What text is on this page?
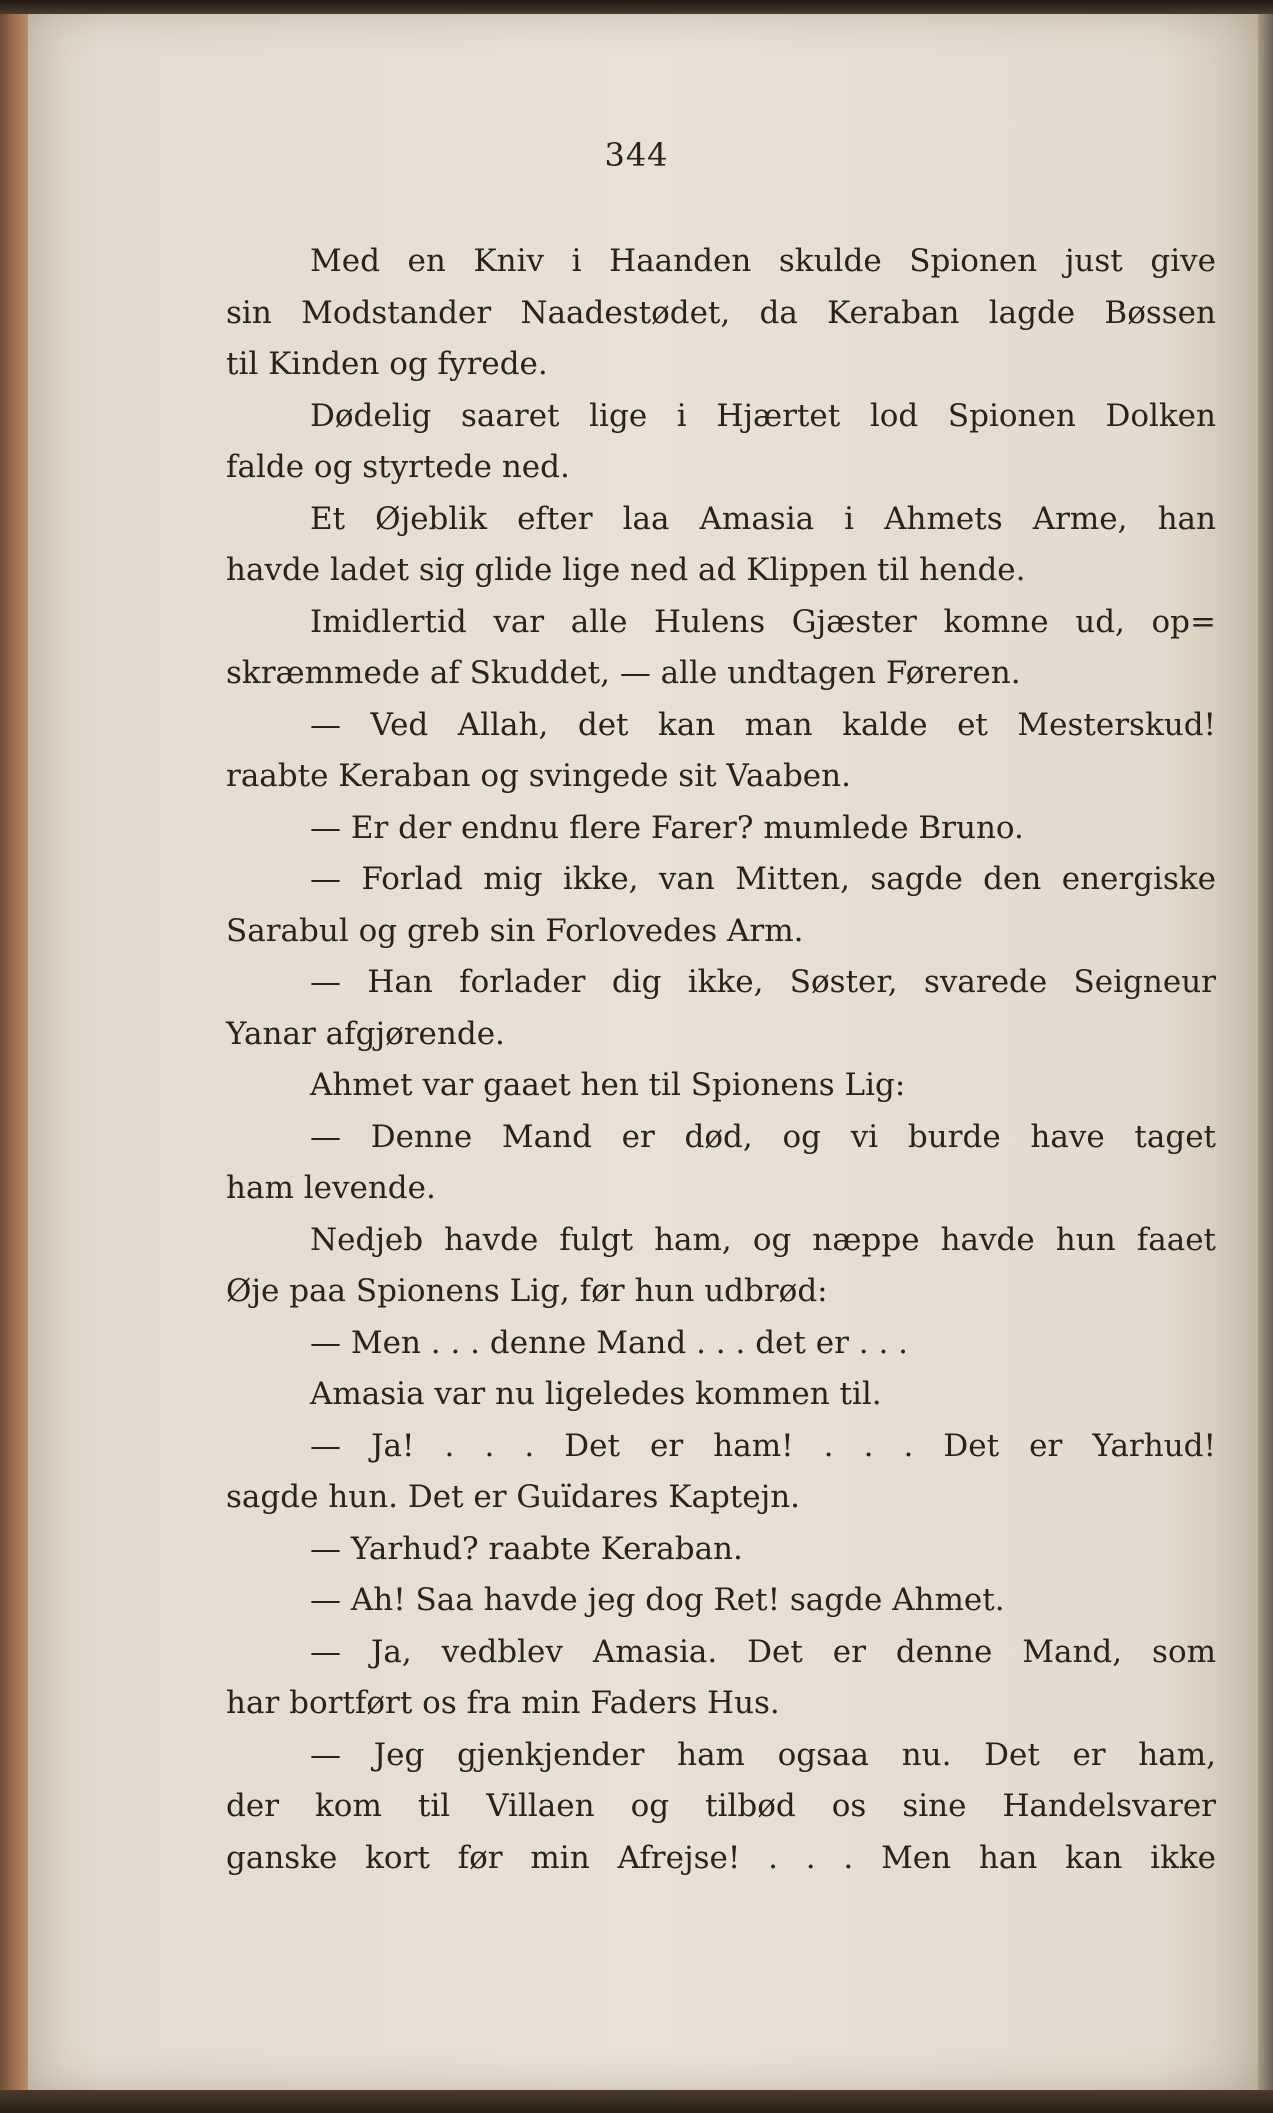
344
Med en Kniv i Haanden skulde Spionen just give
sin Modstander Naadestødet, da Keraban lagde Bøssen
til Kinden og fyrede.
Dødelig saaret lige i Hjærtet lod Spionen Dolken
falde og styrtede ned.
Et Øjeblik efter laa Amasia i Ahmets Arme, han
havde ladet sig glide lige ned ad Klippen til hende.
Imidlertid var alle Hulens Gjæster komne ud, op=
skræmmede af Skuddet, — alle undtagen Føreren.
— Ved Allah, det kan man kalde et Mesterskud!
raabte Keraban og svingede sit Vaaben.
— Er der endnu flere Farer? mumlede Bruno.
— Forlad mig ikke, van Mitten, sagde den energiske
Sarabul og greb sin Forlovedes Arm.
— Han forlader dig ikke, Søster, svarede Seigneur
Yanar afgjørende.
Ahmet var gaaet hen til Spionens Lig:
— Denne Mand er død, og vi burde have taget
ham levende.
Nedjeb havde fulgt ham, og næppe havde hun faaet
Øje paa Spionens Lig, før hun udbrød:
— Men . . . denne Mand . . . det er . . .
Amasia var nu ligeledes kommen til.
— Ja! . . . Det er ham! . . . Det er Yarhud!
sagde hun. Det er Guïdares Kaptejn.
— Yarhud? raabte Keraban.
— Ah! Saa havde jeg dog Ret! sagde Ahmet.
— Ja, vedblev Amasia. Det er denne Mand, som
har bortført os fra min Faders Hus.
— Jeg gjenkjender ham ogsaa nu. Det er ham,
der kom til Villaen og tilbød os sine Handelsvarer
ganske kort før min Afrejse! . . . Men han kan ikke
